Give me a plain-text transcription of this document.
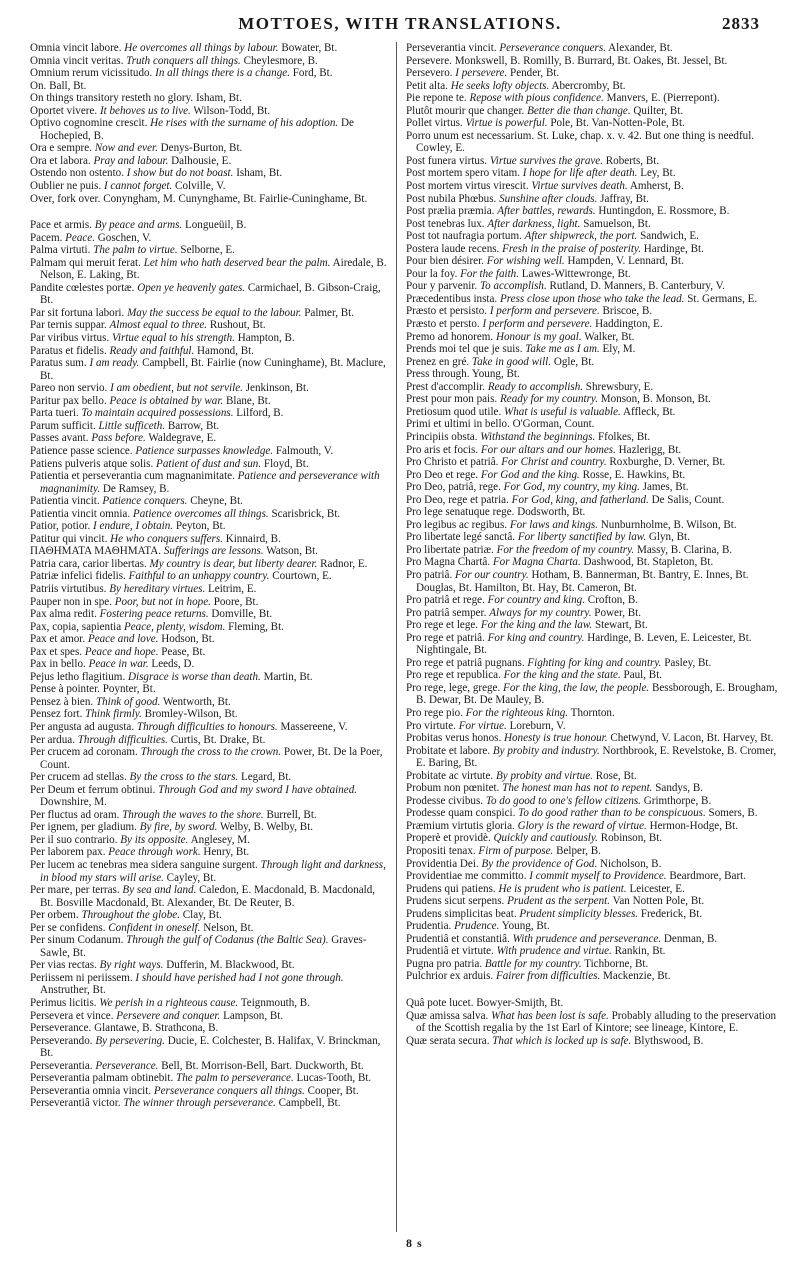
MOTTOES, WITH TRANSLATIONS.	2833
Omnia vincit labore. He overcomes all things by labour. Bowater, Bt.
Omnia vincit veritas. Truth conquers all things. Cheylesmore, B.
Omnium rerum vicissitudo. In all things there is a change. Ford, Bt.
On. Ball, Bt.
On things transitory resteth no glory. Isham, Bt.
Oportet vivere. It behoves us to live. Wilson-Todd, Bt.
Optivo cognomine crescit. He rises with the surname of his adoption. De Hochepied, B.
Ora e sempre. Now and ever. Denys-Burton, Bt.
Ora et labora. Pray and labour. Dalhousie, E.
Ostendo non ostento. I show but do not boast. Isham, Bt.
Oublier ne puis. I cannot forget. Colville, V.
Over, fork over. Conyngham, M. Cunynghame, Bt. Fairlie-Cuninghame, Bt.
Pace et armis. By peace and arms. Longueüil, B.
Pacem. Peace. Goschen, V.
Palma virtuti. The palm to virtue. Selborne, E.
Palmam qui meruit ferat. Let him who hath deserved bear the palm. Airedale, B. Nelson, E. Laking, Bt.
Pandite cœlestes portæ. Open ye heavenly gates. Carmichael, B. Gibson-Craig, Bt.
Par sit fortuna labori. May the success be equal to the labour. Palmer, Bt.
Par ternis suppar. Almost equal to three. Rushout, Bt.
Par viribus virtus. Virtue equal to his strength. Hampton, B.
Paratus et fidelis. Ready and faithful. Hamond, Bt.
Paratus sum. I am ready. Campbell, Bt. Fairlie (now Cuninghame), Bt. Maclure, Bt.
Pareo non servio. I am obedient, but not servile. Jenkinson, Bt.
Paritur pax bello. Peace is obtained by war. Blane, Bt.
Parta tueri. To maintain acquired possessions. Lilford, B.
Parum sufficit. Little sufficeth. Barrow, Bt.
Passes avant. Pass before. Waldegrave, E.
Patience passe science. Patience surpasses knowledge. Falmouth, V.
Patiens pulveris atque solis. Patient of dust and sun. Floyd, Bt.
Patientia et perseverantia cum magnanimitate. Patience and perseverance with magnanimity. De Ramsey, B.
Patientia vincit. Patience conquers. Cheyne, Bt.
Patientia vincit omnia. Patience overcomes all things. Scarisbrick, Bt.
Patior, potior. I endure, I obtain. Peyton, Bt.
Patitur qui vincit. He who conquers suffers. Kinnaird, B.
ΠΑΘΗΜΑΤΑ ΜΑΘΗΜΑΤΑ. Sufferings are lessons. Watson, Bt.
Patria cara, carior libertas. My country is dear, but liberty dearer. Radnor, E.
Patriæ infelici fidelis. Faithful to an unhappy country. Courtown, E.
Patriis virtutibus. By hereditary virtues. Leitrim, E.
Pauper non in spe. Poor, but not in hope. Poore, Bt.
Pax alma redit. Fostering peace returns. Domville, Bt.
Pax, copia, sapientia Peace, plenty, wisdom. Fleming, Bt.
Pax et amor. Peace and love. Hodson, Bt.
Pax et spes. Peace and hope. Pease, Bt.
Pax in bello. Peace in war. Leeds, D.
Pejus letho flagitium. Disgrace is worse than death. Martin, Bt.
Pense à pointer. Poynter, Bt.
Pensez à bien. Think of good. Wentworth, Bt.
Pensez fort. Think firmly. Bromley-Wilson, Bt.
Per angusta ad augusta. Through difficulties to honours. Massereene, V.
Per ardua. Through difficulties. Curtis, Bt. Drake, Bt.
Per crucem ad coronam. Through the cross to the crown. Power, Bt. De la Poer, Count.
Per crucem ad stellas. By the cross to the stars. Legard, Bt.
Per Deum et ferrum obtinui. Through God and my sword I have obtained. Downshire, M.
Per fluctus ad oram. Through the waves to the shore. Burrell, Bt.
Per ignem, per gladium. By fire, by sword. Welby, B. Welby, Bt.
Per il suo contrario. By its opposite. Anglesey, M.
Per laborem pax. Peace through work. Henry, Bt.
Per lucem ac tenebras mea sidera sanguine surgent. Through light and darkness, in blood my stars will arise. Cayley, Bt.
Per mare, per terras. By sea and land. Caledon, E. Macdonald, B. Macdonald, Bt. Bosville Macdonald, Bt. Alexander, Bt. De Reuter, B.
Per orbem. Throughout the globe. Clay, Bt.
Per se confidens. Confident in oneself. Nelson, Bt.
Per sinum Codanum. Through the gulf of Codanus (the Baltic Sea). Graves-Sawle, Bt.
Per vias rectas. By right ways. Dufferin, M. Blackwood, Bt.
Periissem ni periissem. I should have perished had I not gone through. Anstruther, Bt.
Perimus licitis. We perish in a righteous cause. Teignmouth, B.
Persevera et vince. Persevere and conquer. Lampson, Bt.
Perseverance. Glantawe, B. Strathcona, B.
Perseverando. By persevering. Ducie, E. Colchester, B. Halifax, V. Brinckman, Bt.
Perseverantia. Perseverance. Bell, Bt. Morrison-Bell, Bart. Duckworth, Bt.
Perseverantia palmam obtinebit. The palm to perseverance. Lucas-Tooth, Bt.
Perseverantia omnia vincit. Perseverance conquers all things. Cooper, Bt.
Perseverantiâ victor. The winner through perseverance. Campbell, Bt.
Perseverantia vincit. Perseverance conquers. Alexander, Bt.
Persevere. Monkswell, B. Romilly, B. Burrard, Bt. Oakes, Bt. Jessel, Bt.
Persevero. I persevere. Pender, Bt.
Petit alta. He seeks lofty objects. Abercromby, Bt.
Pie repone te. Repose with pious confidence. Manvers, E. (Pierrepont).
Plutôt mourir que changer. Better die than change. Quilter, Bt.
Pollet virtus. Virtue is powerful. Pole, Bt. Van-Notten-Pole, Bt.
Porro unum est necessarium. St. Luke, chap. x. v. 42. But one thing is needful. Cowley, E.
Post funera virtus. Virtue survives the grave. Roberts, Bt.
Post mortem spero vitam. I hope for life after death. Ley, Bt.
Post mortem virtus virescit. Virtue survives death. Amherst, B.
Post nubila Phœbus. Sunshine after clouds. Jaffray, Bt.
Post prælia præmia. After battles, rewards. Huntingdon, E. Rossmore, B.
Post tenebras lux. After darkness, light. Samuelson, Bt.
Post tot naufragia portum. After shipwreck, the port. Sandwich, E.
Postera laude recens. Fresh in the praise of posterity. Hardinge, Bt.
Pour bien désirer. For wishing well. Hampden, V. Lennard, Bt.
Pour la foy. For the faith. Lawes-Wittewronge, Bt.
Pour y parvenir. To accomplish. Rutland, D. Manners, B. Canterbury, V.
Præcedentibus insta. Press close upon those who take the lead. St. Germans, E.
Præsto et persisto. I perform and persevere. Briscoe, B.
Præsto et persto. I perform and persevere. Haddington, E.
Premo ad honorem. Honour is my goal. Walker, Bt.
Prends moi tel que je suis. Take me as I am. Ely, M.
Prenez en gré. Take in good will. Ogle, Bt.
Press through. Young, Bt.
Prest d'accomplir. Ready to accomplish. Shrewsbury, E.
Prest pour mon pais. Ready for my country. Monson, B. Monson, Bt.
Pretiosum quod utile. What is useful is valuable. Affleck, Bt.
Primi et ultimi in bello. O'Gorman, Count.
Principiis obsta. Withstand the beginnings. Ffolkes, Bt.
Pro aris et focis. For our altars and our homes. Hazlerigg, Bt.
Pro Christo et patriâ. For Christ and country. Roxburghe, D. Verner, Bt.
Pro Deo et rege. For God and the king. Rosse, E. Hawkins, Bt.
Pro Deo, patriâ, rege. For God, my country, my king. James, Bt.
Pro Deo, rege et patria. For God, king, and fatherland. De Salis, Count.
Pro lege senatuque rege. Dodsworth, Bt.
Pro legibus ac regibus. For laws and kings. Nunburnholme, B. Wilson, Bt.
Pro libertate legé sanctâ. For liberty sanctified by law. Glyn, Bt.
Pro libertate patriæ. For the freedom of my country. Massy, B. Clarina, B.
Pro Magna Chartâ. For Magna Charta. Dashwood, Bt. Stapleton, Bt.
Pro patriâ. For our country. Hotham, B. Bannerman, Bt. Bantry, E. Innes, Bt. Douglas, Bt. Hamilton, Bt. Hay, Bt. Cameron, Bt.
Pro patriâ et rege. For country and king. Crofton, B.
Pro patriâ semper. Always for my country. Power, Bt.
Pro rege et lege. For the king and the law. Stewart, Bt.
Pro rege et patriâ. For king and country. Hardinge, B. Leven, E. Leicester, Bt. Nightingale, Bt.
Pro rege et patriâ pugnans. Fighting for king and country. Pasley, Bt.
Pro rege et republica. For the king and the state. Paul, Bt.
Pro rege, lege, grege. For the king, the law, the people. Bessborough, E. Brougham, B. Dewar, Bt. De Mauley, B.
Pro rege pio. For the righteous king. Thornton.
Pro virtute. For virtue. Loreburn, V.
Probitas verus honos. Honesty is true honour. Chetwynd, V. Lacon, Bt. Harvey, Bt.
Probitate et labore. By probity and industry. Northbrook, E. Revelstoke, B. Cromer, E. Baring, Bt.
Probitate ac virtute. By probity and virtue. Rose, Bt.
Probum non pœnitet. The honest man has not to repent. Sandys, B.
Prodesse civibus. To do good to one's fellow citizens. Grimthorpe, B.
Prodesse quam conspici. To do good rather than to be conspicuous. Somers, B.
Præmium virtutis gloria. Glory is the reward of virtue. Hermon-Hodge, Bt.
Properè et providè. Quickly and cautiously. Robinson, Bt.
Propositi tenax. Firm of purpose. Belper, B.
Providentia Dei. By the providence of God. Nicholson, B.
Providentiae me committo. I commit myself to Providence. Beardmore, Bart.
Prudens qui patiens. He is prudent who is patient. Leicester, E.
Prudens sicut serpens. Prudent as the serpent. Van Notten Pole, Bt.
Prudens simplicitas beat. Prudent simplicity blesses. Frederick, Bt.
Prudentia. Prudence. Young, Bt.
Prudentiâ et constantiâ. With prudence and perseverance. Denman, B.
Prudentiâ et virtute. With prudence and virtue. Rankin, Bt.
Pugna pro patria. Battle for my country. Tichborne, Bt.
Pulchrior ex arduis. Fairer from difficulties. Mackenzie, Bt.
Quâ pote lucet. Bowyer-Smijth, Bt.
Quæ amissa salva. What has been lost is safe. Probably alluding to the preservation of the Scottish regalia by the 1st Earl of Kintore; see lineage, Kintore, E.
Quæ serata secura. That which is locked up is safe. Blythswood, B.
8 s
